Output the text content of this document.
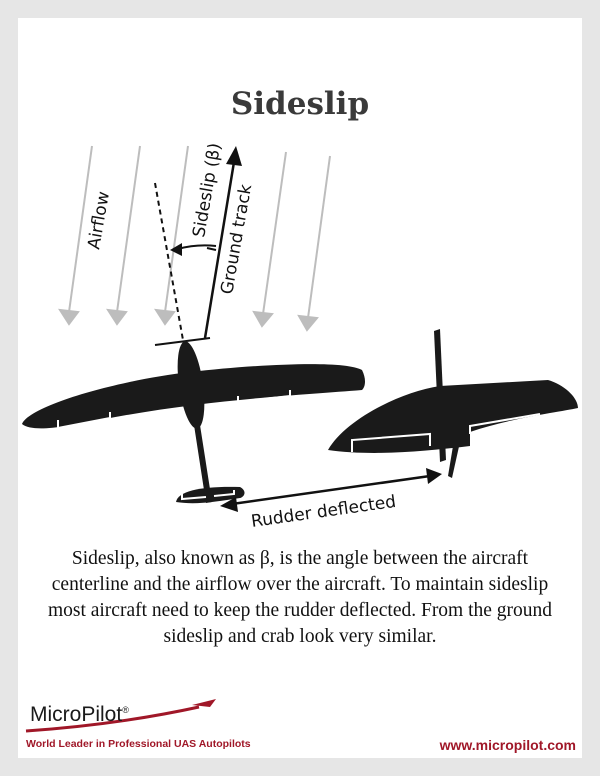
Sideslip
Airflow	Sideslip (β)
Ground track
Rudder deflected

Sideslip, also known as β, is the angle between the aircraft centerline and the airflow over the aircraft. To maintain sideslip most aircraft need to keep the rudder deflected. From the ground sideslip and crab look very similar.

MicroPilot®
World Leader in Professional UAS Autopilots	www.micropilot.com
